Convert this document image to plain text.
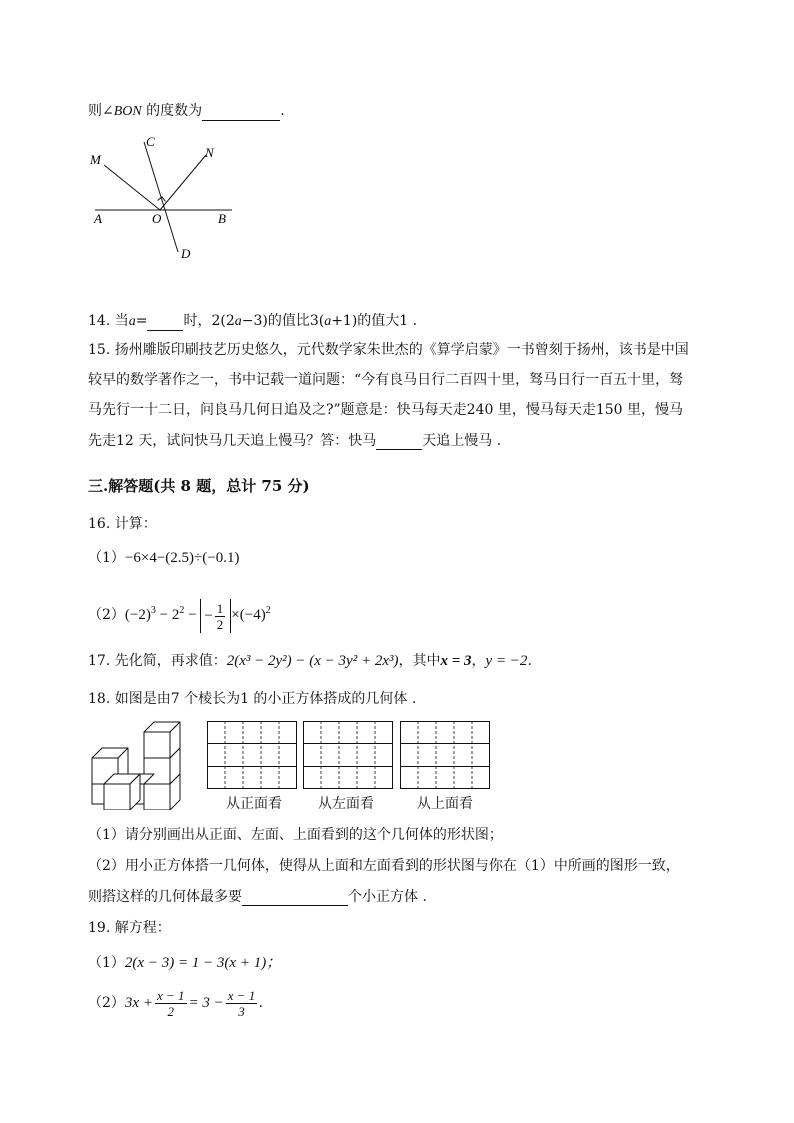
则∠BON 的度数为	.
M
C
N
A	O	B
D
14. 当a=	时，2(2a−3)的值比3(a+1)的值大1 .
15. 扬州雕版印刷技艺历史悠久，元代数学家朱世杰的《算学启蒙》一书曾刻于扬州，该书是中国
较早的数学著作之一，书中记载一道问题：“今有良马日行二百四十里，驽马日行一百五十里，驽
马先行一十二日，问良马几何日追及之?”题意是：快马每天走240 里，慢马每天走150 里，慢马
先走12 天，试问快马几天追上慢马？答：快马	天追上慢马 .
三.解答题(共 8 题，总计 75 分)
16. 计算：
（1）−6×4−(2.5)÷(−0.1)
$(2)(-2)^3 - 2^2$ − − $\frac{1}{2} \times(-4)^2$
17. 先化简，再求值：2(x³ − 2y²) − (x − 3y² + 2x³)，其中x = 3，y = −2.
18. 如图是由7 个棱长为1 的小正方体搭成的几何体 .
从正面看	从左面看	从上面看
（1）请分别画出从正面、左面、上面看到的这个几何体的形状图；
（2）用小正方体搭一几何体，使得从上面和左面看到的形状图与你在（1）中所画的图形一致，
则搭这样的几何体最多要	个小正方体 .
19. 解方程：
（1）2(x − 3) = 1 − 3(x + 1)；
$(2)3x + \frac{x - 1}{2} = 3 - \frac{x - 1}{3}$ .
